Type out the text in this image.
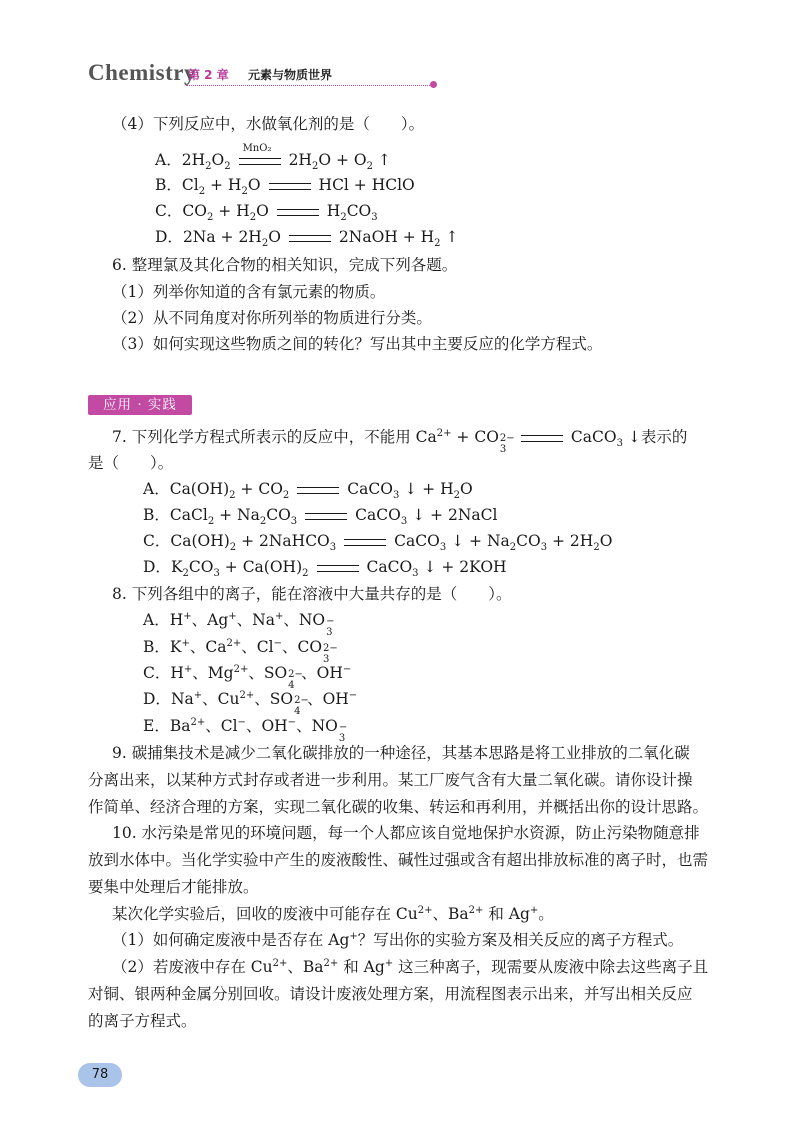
Chemistry
第 2 章 元素与物质世界
（4）下列反应中，水做氧化剂的是（　　）。
A．$2H_2O_2$
MnO₂
$2H_2O + O_2$ ↑
B．$Cl_2 + H_2O$	HCl + HClO
C．$CO_2 + H_2O$	$H_2CO_3$
D．$2Na + 2H_2O$	2NaOH + $H_2$ ↑
6. 整理氯及其化合物的相关知识，完成下列各题。
（1）列举你知道的含有氯元素的物质。
（2）从不同角度对你所列举的物质进行分类。
（3）如何实现这些物质之间的转化？写出其中主要反应的化学方程式。
应用 · 实践
7. 下列化学方程式所表示的反应中，不能用 $Ca^{2+}$ + CO 2−
3
CaCO$_3$ ↓表示的
是（　　）。
A．$Ca(OH)_2 + CO_2$	CaCO$_3$ ↓ + $H_2O$
B．CaCl$_2$ + $Na_2CO_3$	CaCO$_3$ ↓ + 2NaCl
C．$Ca(OH)_2$ + 2NaHCO$_3$	CaCO$_3$ ↓ + $Na_2CO_3 + 2H_2O$
D．$K_2CO_3 + Ca(OH)_2$	CaCO$_3$ ↓ + 2KOH
8. 下列各组中的离子，能在溶液中大量共存的是（　　）。
A．H+、Ag+、Na+、NO −
3
B．K+、$Ca^{2+}$、Cl−、CO 2−
3
C．H+、$Mg^{2+}$、SO 2−
4
、OH−
D．Na+、$Cu^{2+}$、SO 2−
4
、OH−
E．$Ba^{2+}$、Cl−、OH−、NO −
3
9. 碳捕集技术是减少二氧化碳排放的一种途径，其基本思路是将工业排放的二氧化碳
分离出来，以某种方式封存或者进一步利用。某工厂废气含有大量二氧化碳。请你设计操
作简单、经济合理的方案，实现二氧化碳的收集、转运和再利用，并概括出你的设计思路。
10. 水污染是常见的环境问题，每一个人都应该自觉地保护水资源，防止污染物随意排
放到水体中。当化学实验中产生的废液酸性、碱性过强或含有超出排放标准的离子时，也需
要集中处理后才能排放。
某次化学实验后，回收的废液中可能存在 $Cu^{2+}$、$Ba^{2+}$ 和 Ag+。
（1）如何确定废液中是否存在 Ag+？写出你的实验方案及相关反应的离子方程式。
（2）若废液中存在 $Cu^{2+}$、$Ba^{2+}$ 和 Ag+ 这三种离子，现需要从废液中除去这些离子且
对铜、银两种金属分别回收。请设计废液处理方案，用流程图表示出来，并写出相关反应
的离子方程式。
78
